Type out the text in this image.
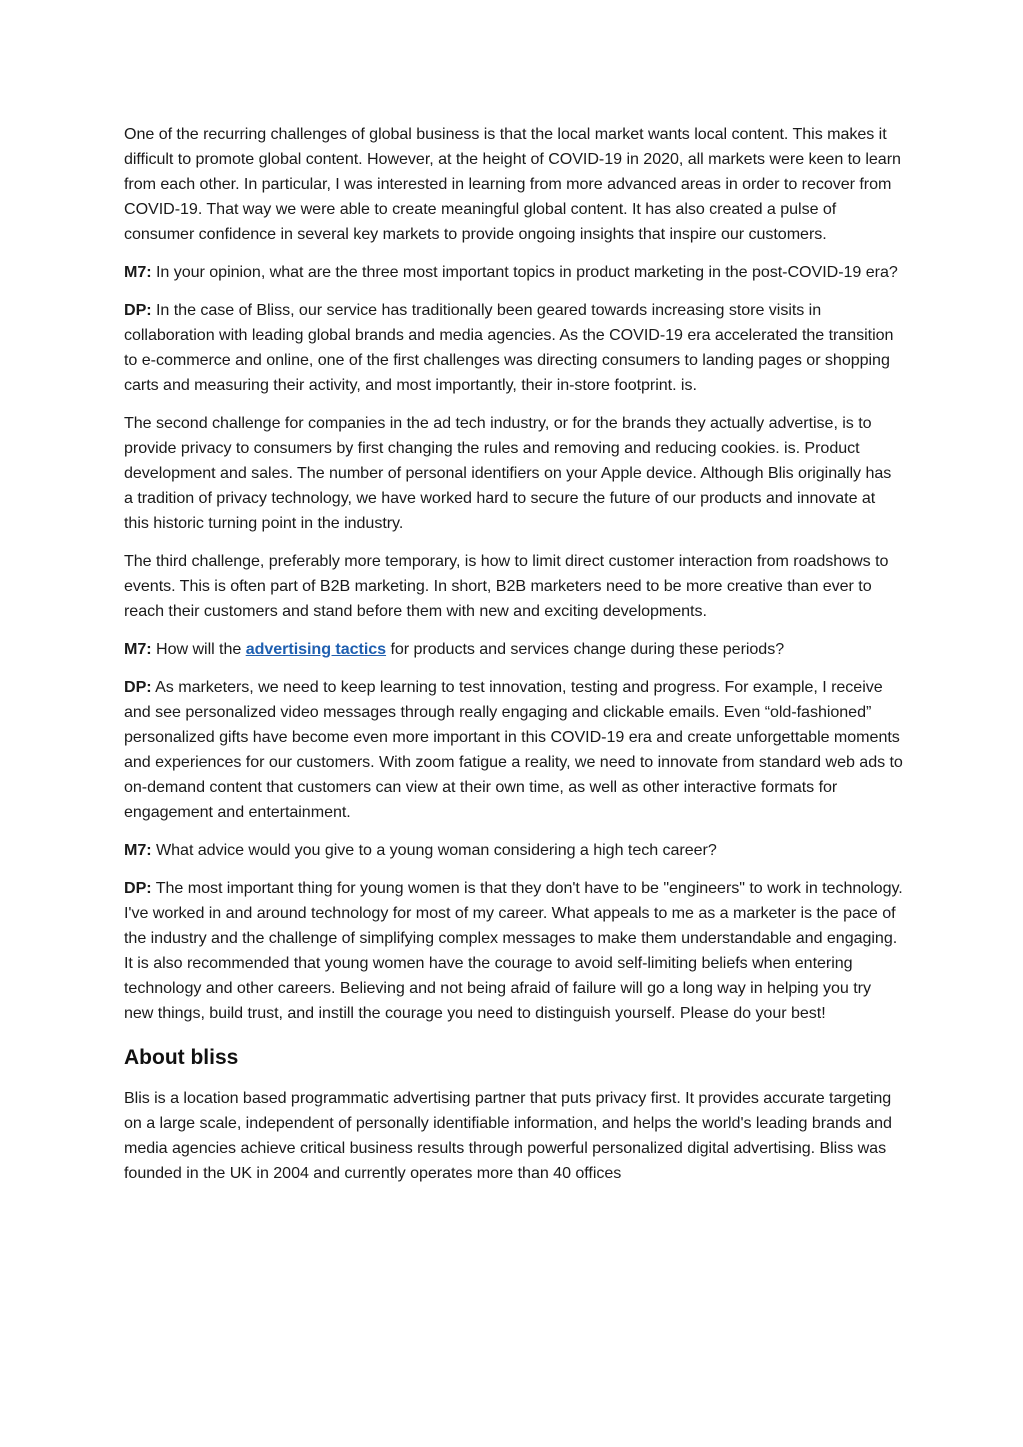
One of the recurring challenges of global business is that the local market wants local content. This makes it difficult to promote global content. However, at the height of COVID-19 in 2020, all markets were keen to learn from each other. In particular, I was interested in learning from more advanced areas in order to recover from COVID-19. That way we were able to create meaningful global content. It has also created a pulse of consumer confidence in several key markets to provide ongoing insights that inspire our customers.

M7: In your opinion, what are the three most important topics in product marketing in the post-COVID-19 era?

DP: In the case of Bliss, our service has traditionally been geared towards increasing store visits in collaboration with leading global brands and media agencies. As the COVID-19 era accelerated the transition to e-commerce and online, one of the first challenges was directing consumers to landing pages or shopping carts and measuring their activity, and most importantly, their in-store footprint. is.

The second challenge for companies in the ad tech industry, or for the brands they actually advertise, is to provide privacy to consumers by first changing the rules and removing and reducing cookies. is. Product development and sales. The number of personal identifiers on your Apple device. Although Blis originally has a tradition of privacy technology, we have worked hard to secure the future of our products and innovate at this historic turning point in the industry.

The third challenge, preferably more temporary, is how to limit direct customer interaction from roadshows to events. This is often part of B2B marketing. In short, B2B marketers need to be more creative than ever to reach their customers and stand before them with new and exciting developments.

M7: How will the advertising tactics for products and services change during these periods?

DP: As marketers, we need to keep learning to test innovation, testing and progress. For example, I receive and see personalized video messages through really engaging and clickable emails. Even “old-fashioned” personalized gifts have become even more important in this COVID-19 era and create unforgettable moments and experiences for our customers. With zoom fatigue a reality, we need to innovate from standard web ads to on-demand content that customers can view at their own time, as well as other interactive formats for engagement and entertainment.

M7: What advice would you give to a young woman considering a high tech career?

DP: The most important thing for young women is that they don't have to be "engineers" to work in technology. I've worked in and around technology for most of my career. What appeals to me as a marketer is the pace of the industry and the challenge of simplifying complex messages to make them understandable and engaging. It is also recommended that young women have the courage to avoid self-limiting beliefs when entering technology and other careers. Believing and not being afraid of failure will go a long way in helping you try new things, build trust, and instill the courage you need to distinguish yourself. Please do your best!

About bliss

Blis is a location based programmatic advertising partner that puts privacy first. It provides accurate targeting on a large scale, independent of personally identifiable information, and helps the world's leading brands and media agencies achieve critical business results through powerful personalized digital advertising. Bliss was founded in the UK in 2004 and currently operates more than 40 offices
